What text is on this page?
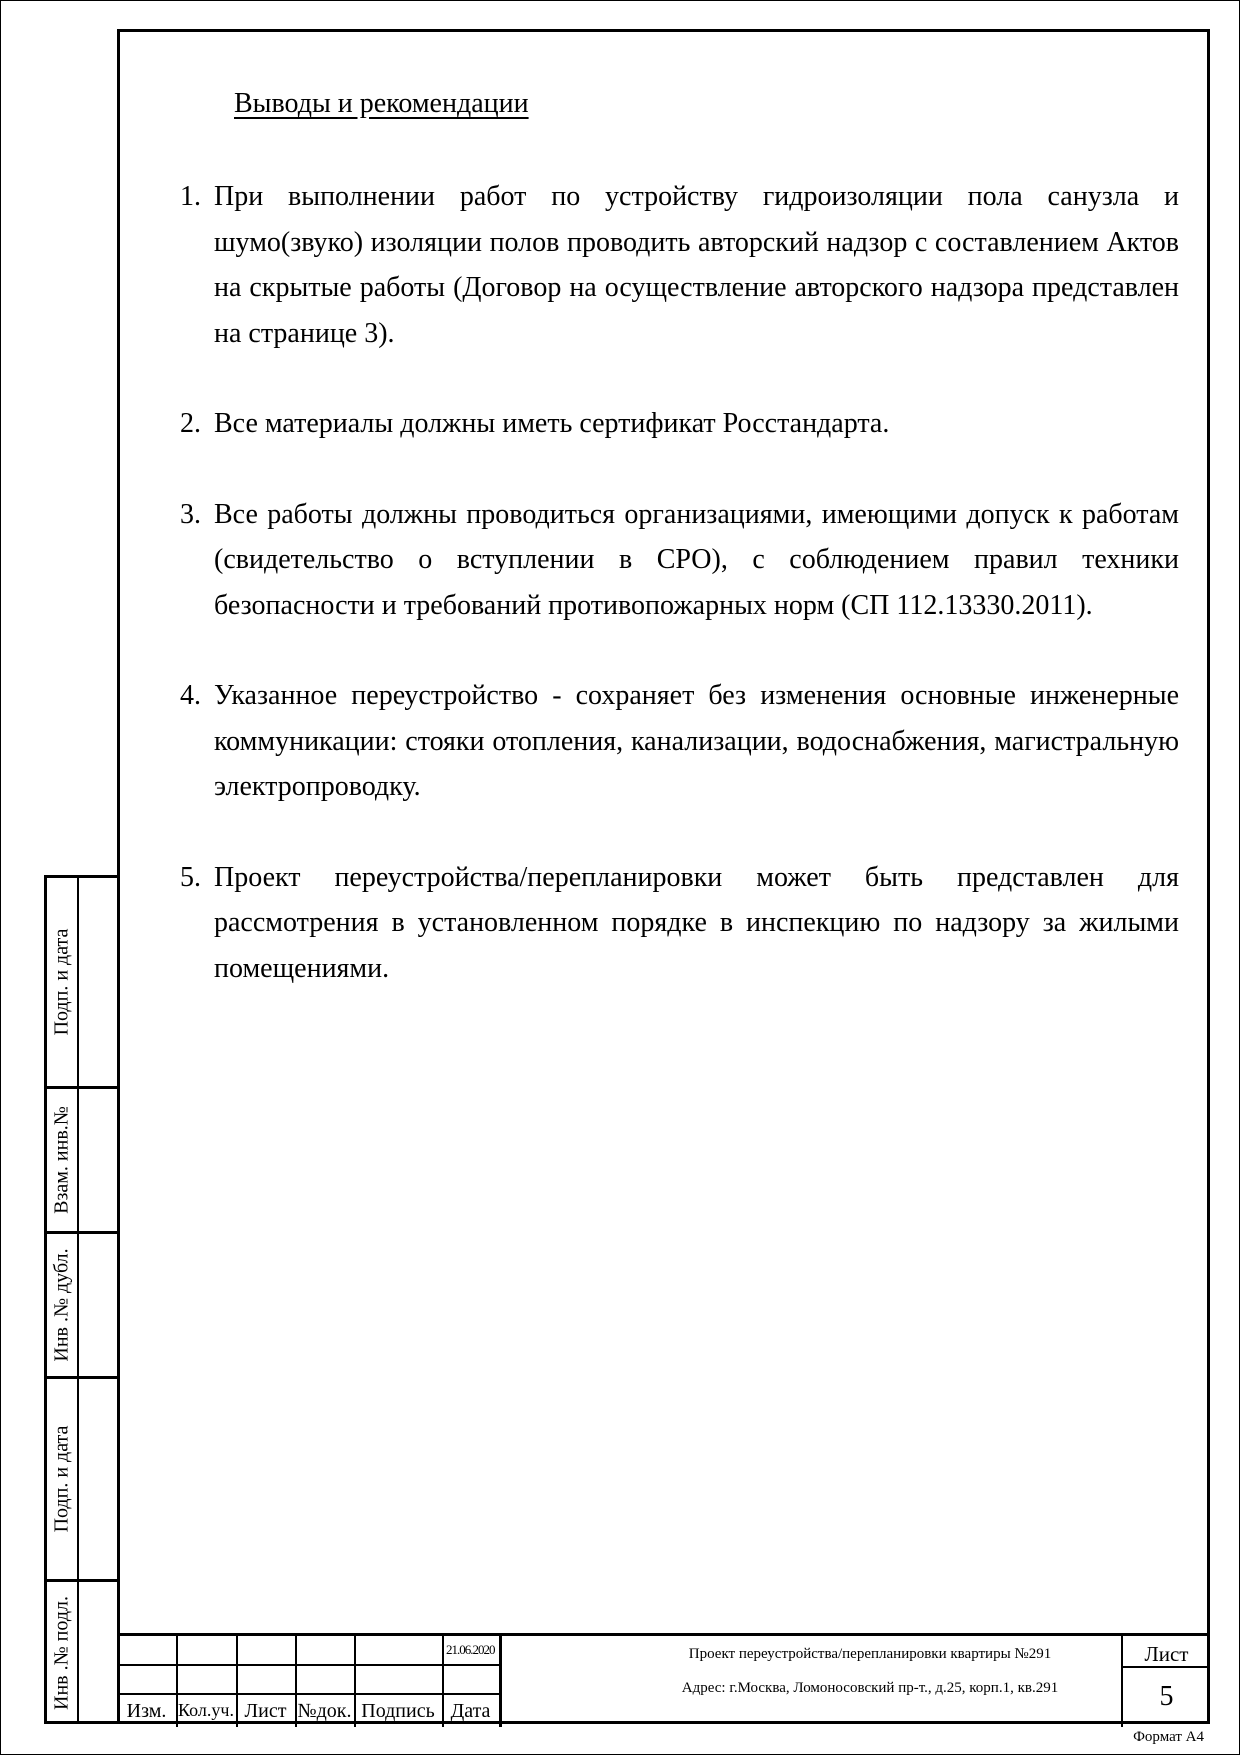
Выводы и рекомендации
1. При выполнении работ по устройству гидроизоляции пола санузла и шумо(звуко) изоляции полов проводить авторский надзор с составлением Актов на скрытые работы (Договор на осуществление авторского надзора представлен на странице 3).
2. Все материалы должны иметь сертификат Росстандарта.
3. Все работы должны проводиться организациями, имеющими допуск к работам (свидетельство о вступлении в СРО), с соблюдением правил техники безопасности и требований противопожарных норм (СП 112.13330.2011).
4. Указанное переустройство - сохраняет без изменения основные инженерные коммуникации: стояки отопления, канализации, водоснабжения, магистральную электропроводку.
5. Проект переустройства/перепланировки может быть представлен для рассмотрения в установленном порядке в инспекцию по надзору за жилыми помещениями.
Подп. и дата
Взам. инв.№
Инв .№ дубл.
Подп. и дата
Инв .№ подл.	21.06.2020
Изм. Кол.уч. Лист №док. Подпись Дата
Проект переустройства/перепланировки квартиры №291
Адрес: г.Москва, Ломоносовский пр-т., д.25, корп.1, кв.291
Лист
5
Формат А4
